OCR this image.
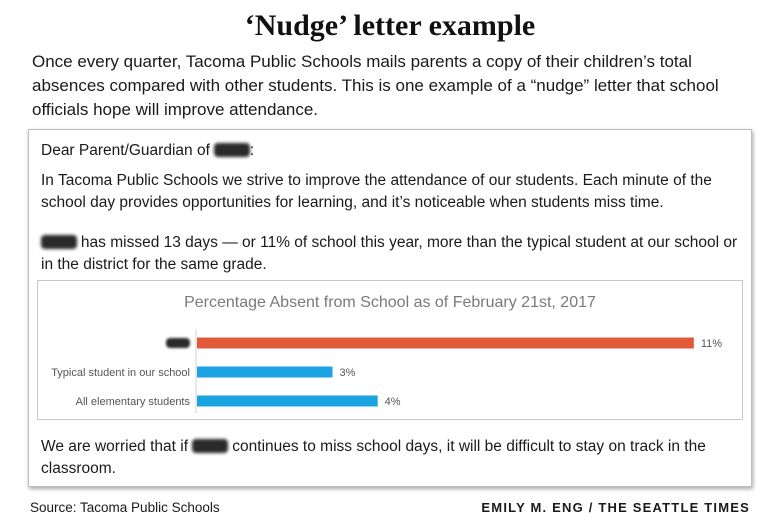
‘Nudge’ letter example
Once every quarter, Tacoma Public Schools mails parents a copy of their children’s total absences compared with other students. This is one example of a “nudge” letter that school officials hope will improve attendance.
Dear Parent/Guardian of :
In Tacoma Public Schools we strive to improve the attendance of our students. Each minute of the school day provides opportunities for learning, and it’s noticeable when students miss time.
has missed 13 days — or 11% of school this year, more than the typical student at our school or in the district for the same grade.
Percentage Absent from School as of February 21st, 2017
11%
Typical student in our school	3%
All elementary students	4%
We are worried that if  continues to miss school days, it will be difficult to stay on track in the classroom.
Source: Tacoma Public Schools	EMILY M. ENG / THE SEATTLE TIMES
